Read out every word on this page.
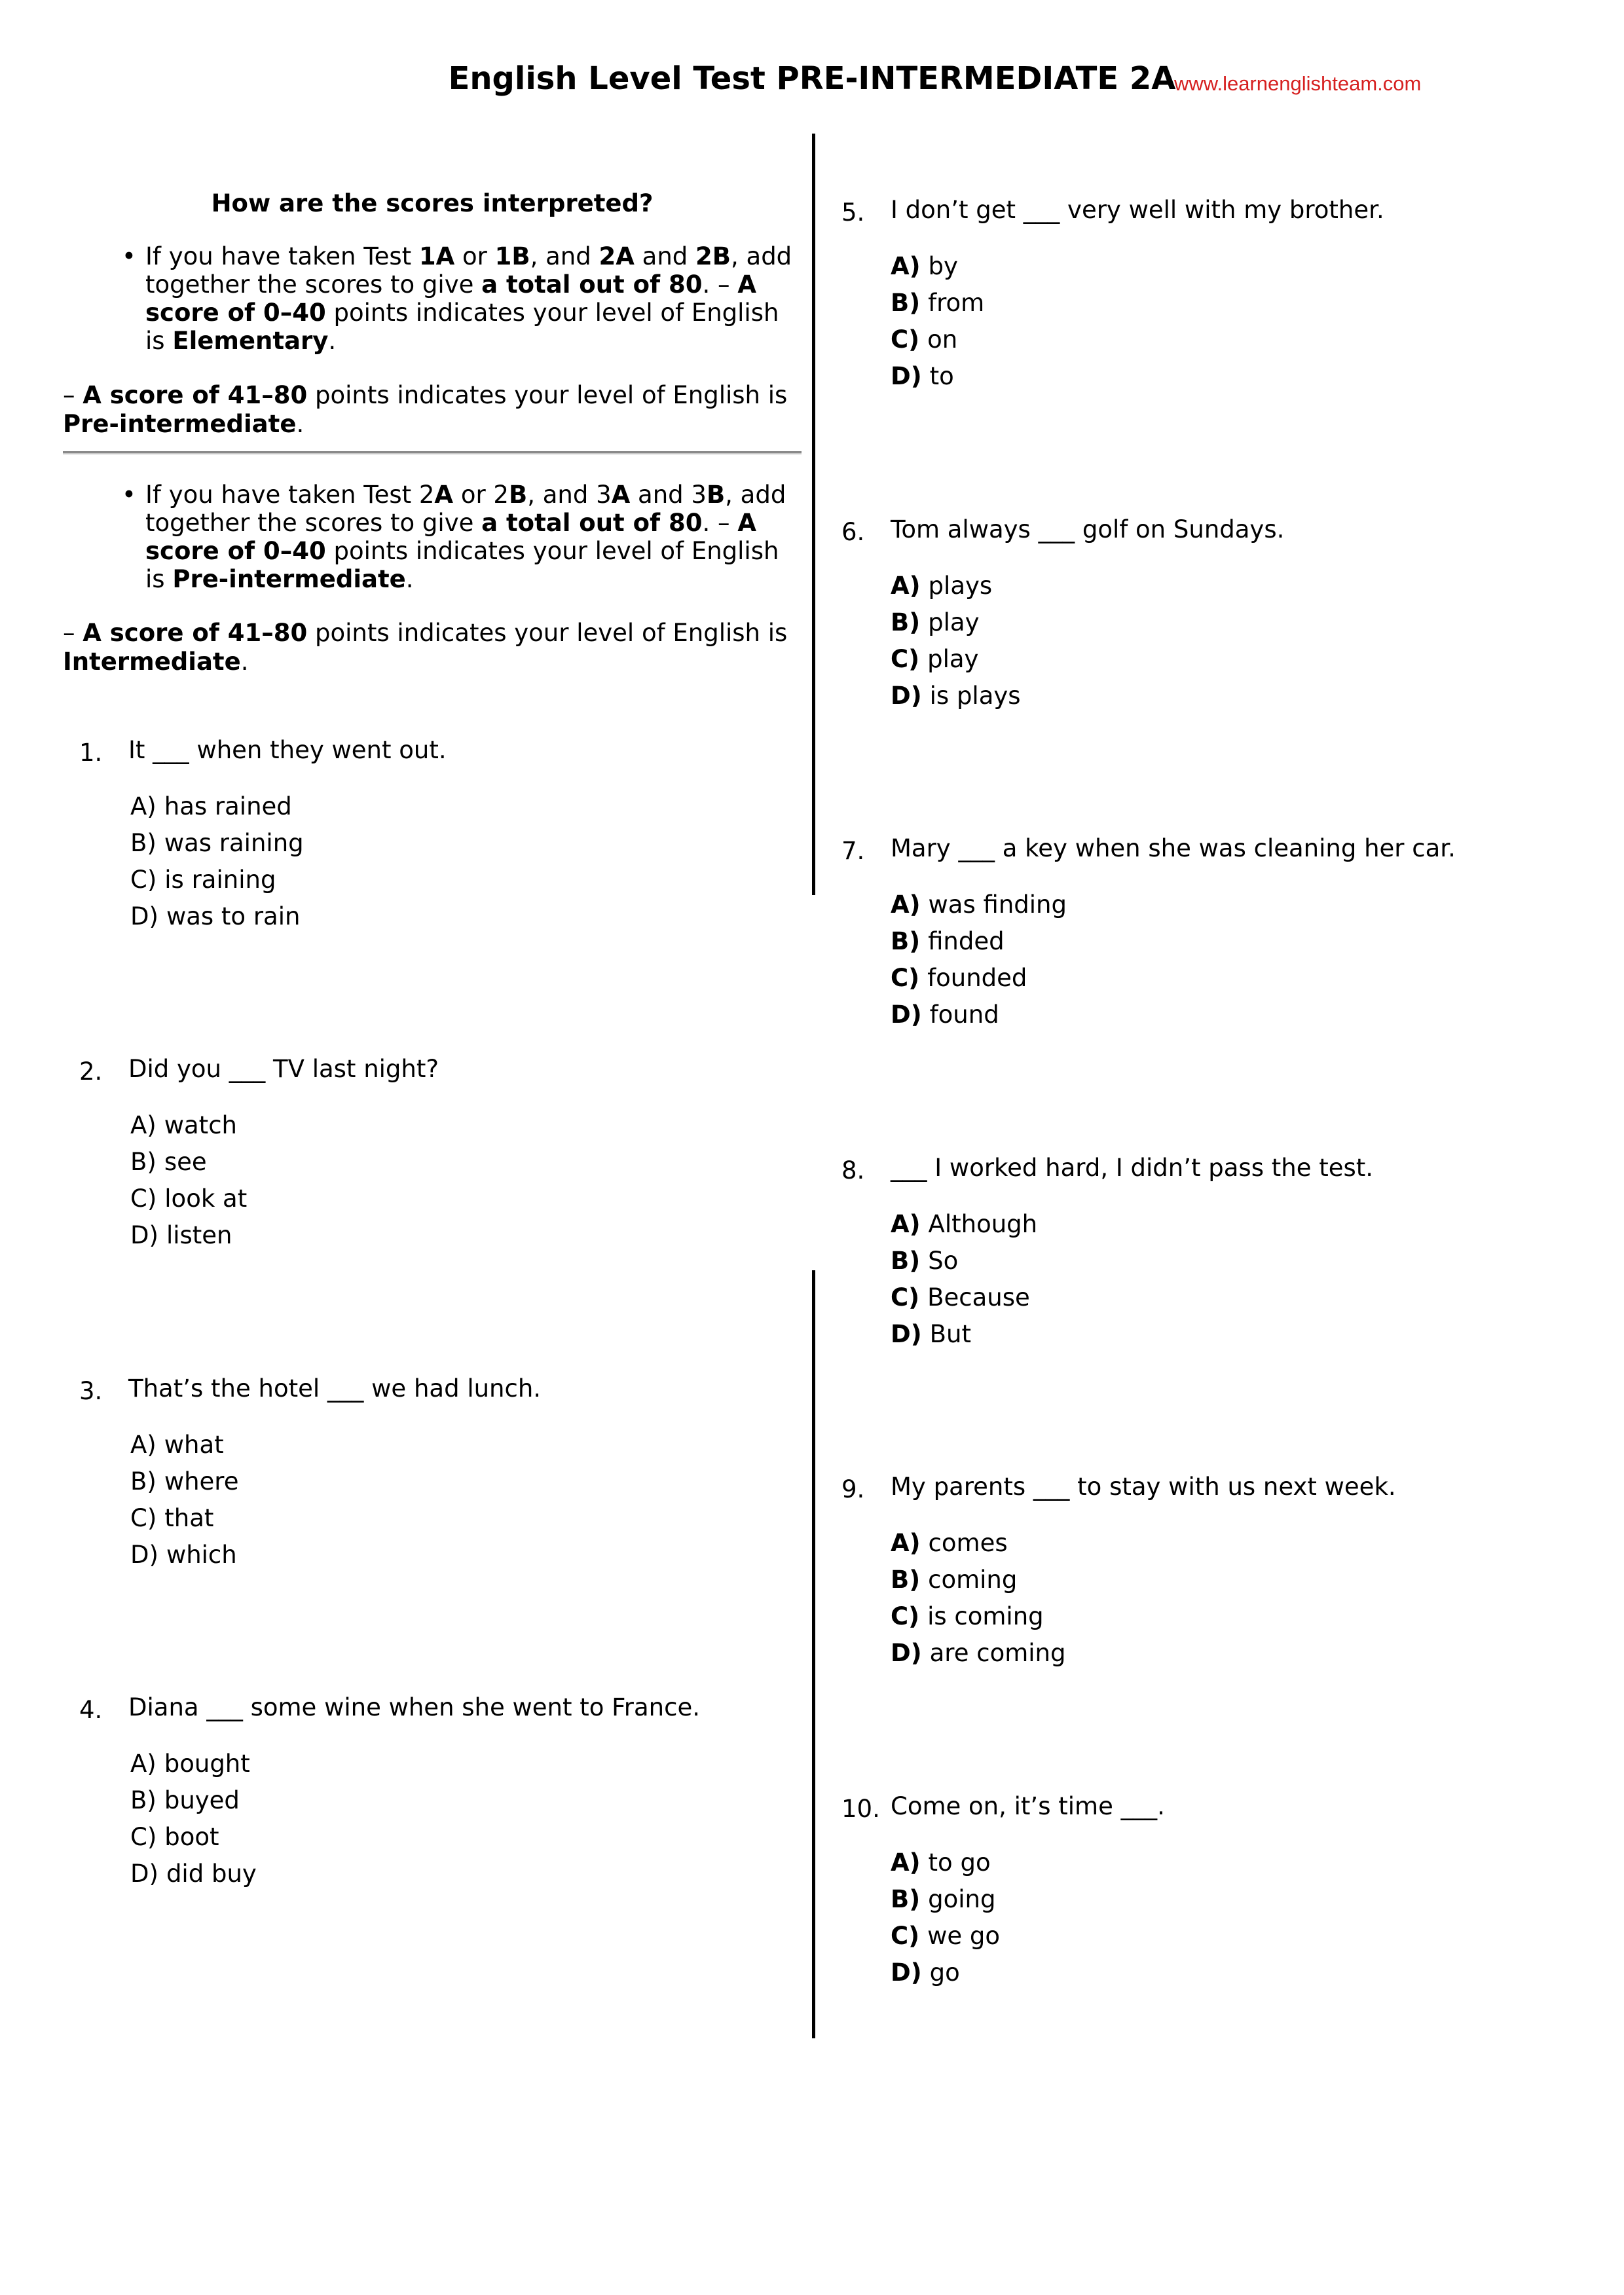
English Level Test PRE-INTERMEDIATE 2A
www.learnenglishteam.com
How are the scores interpreted?
• If you have taken Test 1A or 1B, and 2A and 2B, add
together the scores to give a total out of 80. – A
score of 0–40 points indicates your level of English
is Elementary.
– A score of 41–80 points indicates your level of English is
Pre-intermediate.
• If you have taken Test 2A or 2B, and 3A and 3B, add
together the scores to give a total out of 80. – A
score of 0–40 points indicates your level of English
is Pre-intermediate.
– A score of 41–80 points indicates your level of English is
Intermediate.
1. It ___ when they went out.
A) has rained
B) was raining
C) is raining
D) was to rain
2. Did you ___ TV last night?
A) watch
B) see
C) look at
D) listen
3. That’s the hotel ___ we had lunch.
A) what
B) where
C) that
D) which
4. Diana ___ some wine when she went to France.
A) bought
B) buyed
C) boot
D) did buy
5. I don’t get ___ very well with my brother.
A) by
B) from
C) on
D) to
6. Tom always ___ golf on Sundays.
A) plays
B) play
C) play
D) is plays
7. Mary ___ a key when she was cleaning her car.
A) was finding
B) finded
C) founded
D) found
8. ___ I worked hard, I didn’t pass the test.
A) Although
B) So
C) Because
D) But
9. My parents ___ to stay with us next week.
A) comes
B) coming
C) is coming
D) are coming
10. Come on, it’s time ___.
A) to go
B) going
C) we go
D) go
